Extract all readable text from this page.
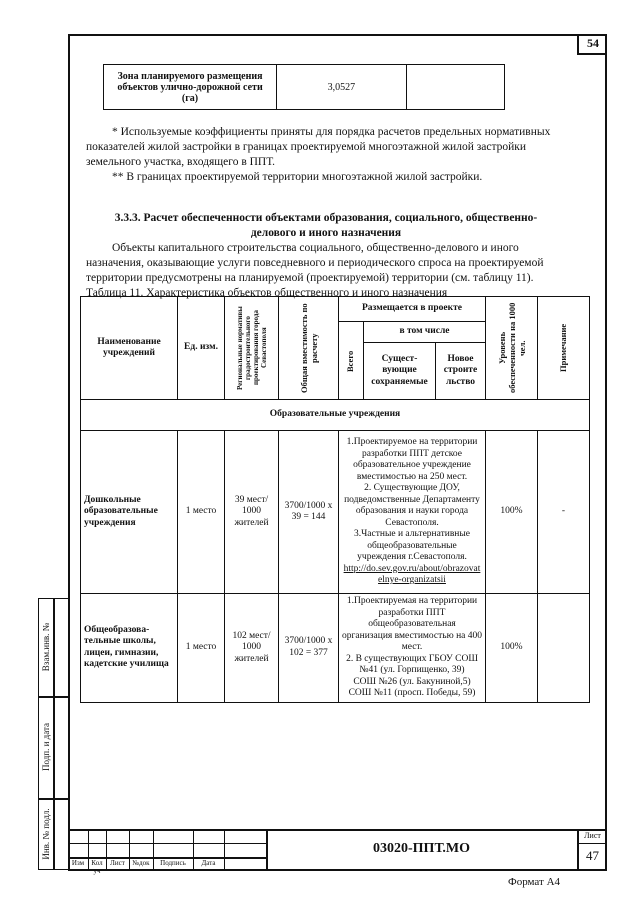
54
Взам.инв. №
Подп. и дата
Инв. № подл.
Зона планируемого размещения объектов улично-дорожной сети (га)	3,0527	

* Используемые коэффициенты приняты для порядка расчетов предельных нормативных показателей жилой застройки в границах проектируемой многоэтажной жилой застройки земельного участка, входящего в ППТ.

** В границах проектируемой территории многоэтажной жилой застройки.

3.3.3. Расчет обеспеченности объектами образования, социального, общественно-

делового и иного назначения

Объекты капитального строительства социального, общественно-делового и иного назначения, оказывающие услуги повседневного и периодического спроса на проектируемой территории предусмотрены на планируемой (проектируемой) территории (см. таблицу 11).

Таблица 11. Характеристика объектов общественного и иного назначения

Наименование учреждений	Ед. изм.	Региональные нормативы градостроительного проектирования города Севастополя	Общая вместимость по расчету	Размещается в проекте			Уровень обеспеченности на 1000 чел.	Примечание

				Всего	в том числе			
					Сущест-вующие сохраняемые	Новое строите льство		
Образовательные учреждения								
Дошкольные образовательные учреждения	1 место	39 мест/ 1000 жителей	3700/1000 х 39 = 144	1.Проектируемое на территории разработки ППТ детское образовательное учреждение вместимостью на 250 мест.
2. Существующие ДОУ, подведомственные Департаменту образования и науки города Севастополя.
3.Частные и альтернативные общеобразовательные учреждения г.Севастополя.
http://do.sev.gov.ru/about/obrazovatelnye-organizatsii			100%	-
Общеобразова-тельные школы, лицеи, гимназии, кадетские училища	1 место	102 мест/ 1000 жителей	3700/1000 х 102 = 377	1.Проектируемая на территории разработки ППТ общеобразовательная организация вместимостью на 400 мест.
2. В существующих ГБОУ СОШ №41 (ул. Горпищенко, 39)
СОШ №26 (ул. Бакуниной,5)
СОШ №11 (просп. Победы, 59)			100%	
Изм	Кол уч
Лист	№док	Подпись	Дата
03020-ППТ.МО
Лист
47
Формат А4
